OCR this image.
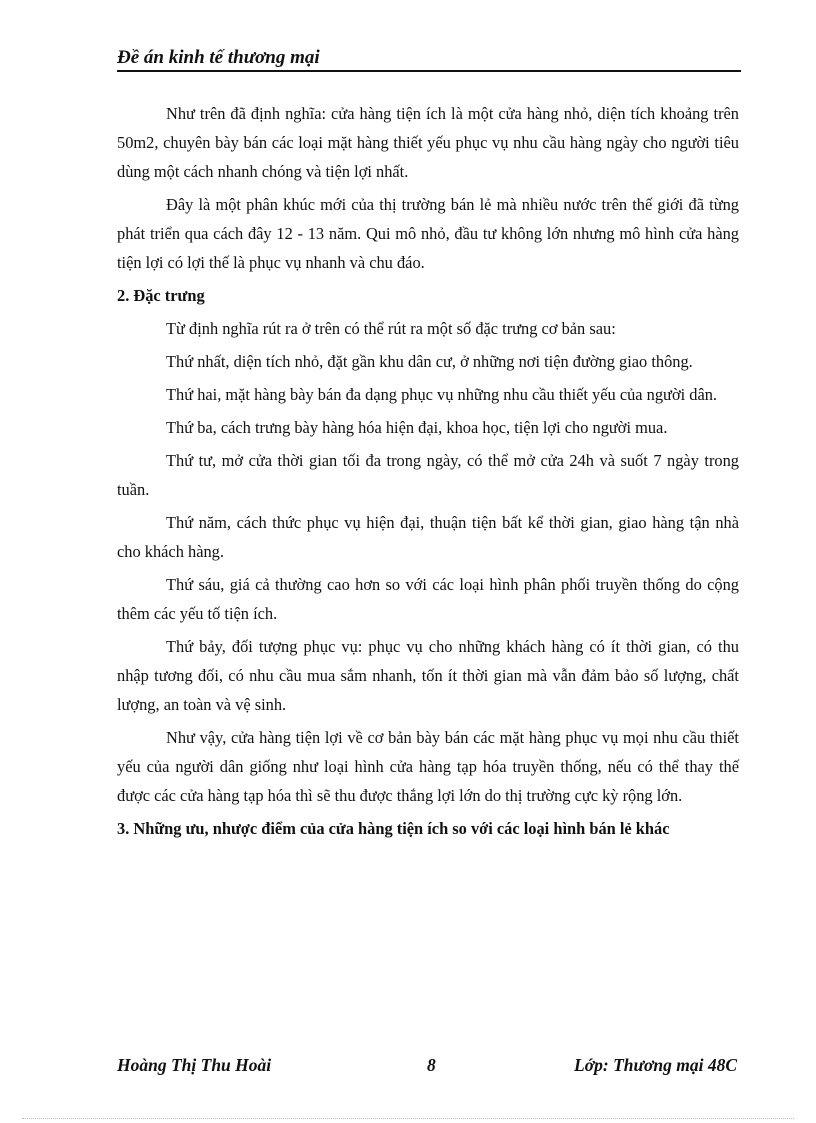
Đề án kinh tế thương mại

Như trên đã định nghĩa: cửa hàng tiện ích là một cửa hàng nhỏ, diện tích khoảng trên 50m2, chuyên bày bán các loại mặt hàng thiết yếu phục vụ nhu cầu hàng ngày cho người tiêu dùng một cách nhanh chóng và tiện lợi nhất.

Đây là một phân khúc mới của thị trường bán lẻ mà nhiều nước trên thế giới đã từng phát triển qua cách đây 12 - 13 năm. Qui mô nhỏ, đầu tư không lớn nhưng mô hình cửa hàng tiện lợi có lợi thế là phục vụ nhanh và chu đáo.

2. Đặc trưng

Từ định nghĩa rút ra ở trên có thể rút ra một số đặc trưng cơ bản sau:

Thứ nhất, diện tích nhỏ, đặt gần khu dân cư, ở những nơi tiện đường giao thông.

Thứ hai, mặt hàng bày bán đa dạng phục vụ những nhu cầu thiết yếu của người dân.

Thứ ba, cách trưng bày hàng hóa hiện đại, khoa học, tiện lợi cho người mua.

Thứ tư, mở cửa thời gian tối đa trong ngày, có thể mở cửa 24h và suốt 7 ngày trong tuần.

Thứ năm, cách thức phục vụ hiện đại, thuận tiện bất kể thời gian, giao hàng tận nhà cho khách hàng.

Thứ sáu, giá cả thường cao hơn so với các loại hình phân phối truyền thống do cộng thêm các yếu tố tiện ích.

Thứ bảy, đối tượng phục vụ: phục vụ cho những khách hàng có ít thời gian, có thu nhập tương đối, có nhu cầu mua sắm nhanh, tốn ít thời gian mà vẫn đảm bảo số lượng, chất lượng, an toàn và vệ sinh.

Như vậy, cửa hàng tiện lợi về cơ bản bày bán các mặt hàng phục vụ mọi nhu cầu thiết yếu của người dân giống như loại hình cửa hàng tạp hóa truyền thống, nếu có thể thay thế được các cửa hàng tạp hóa thì sẽ thu được thắng lợi lớn do thị trường cực kỳ rộng lớn.

3. Những ưu, nhược điểm của cửa hàng tiện ích so với các loại hình bán lẻ khác
Hoàng Thị Thu Hoài	8	Lớp: Thương mại 48C
